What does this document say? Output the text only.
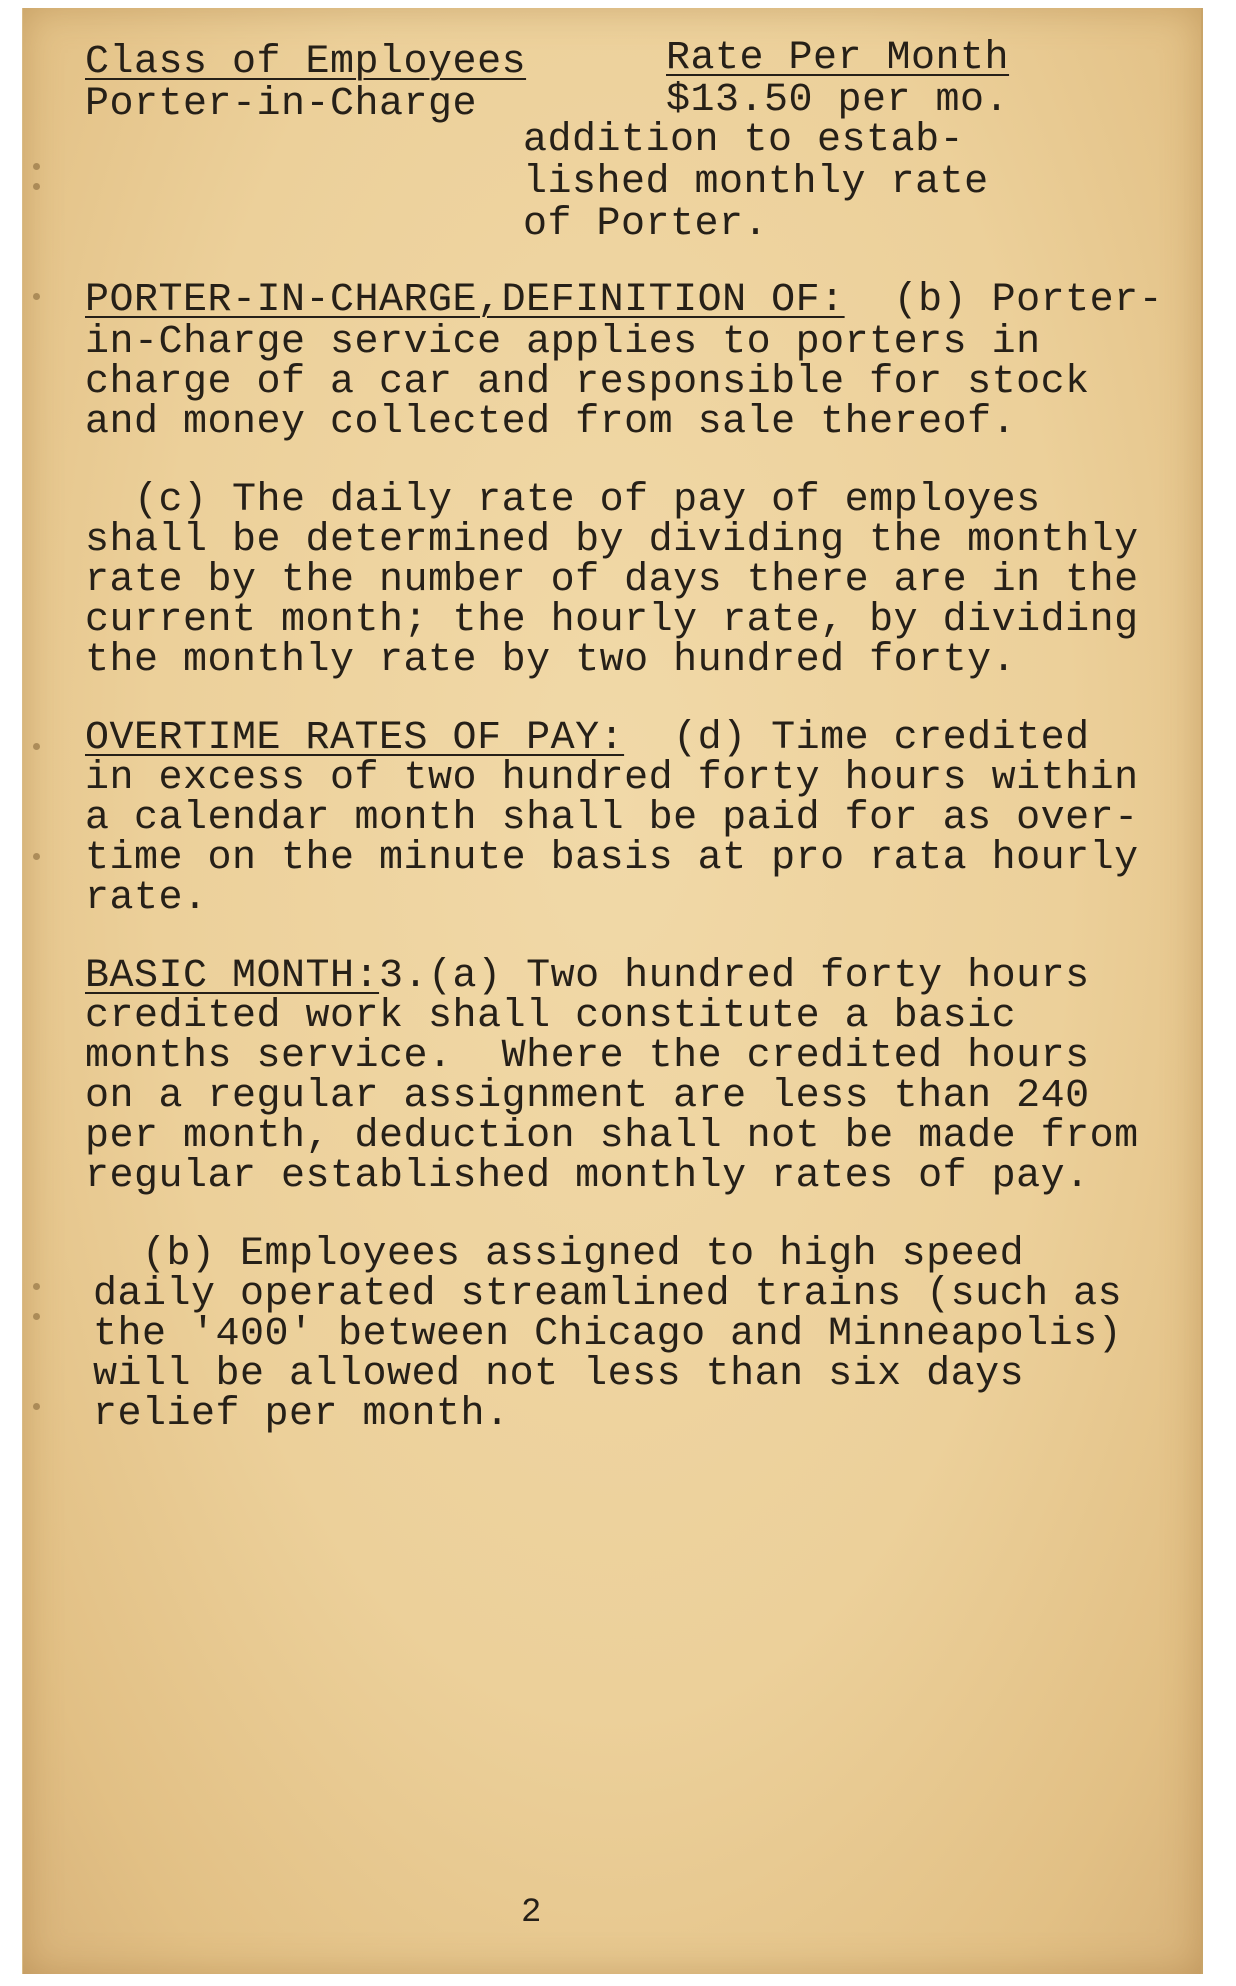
Class of Employees	Rate Per Month
Porter-in-Charge	$13.50 per mo.
addition to estab-
lished monthly rate
of Porter.
PORTER-IN-CHARGE,DEFINITION OF:  (b) Porter-
in-Charge service applies to porters in
charge of a car and responsible for stock
and money collected from sale thereof.
(c) The daily rate of pay of employes
shall be determined by dividing the monthly
rate by the number of days there are in the
current month; the hourly rate, by dividing
the monthly rate by two hundred forty.
OVERTIME RATES OF PAY:  (d) Time credited
in excess of two hundred forty hours within
a calendar month shall be paid for as over-
time on the minute basis at pro rata hourly
rate.
BASIC MONTH:3.(a) Two hundred forty hours
credited work shall constitute a basic
months service.  Where the credited hours
on a regular assignment are less than 240
per month, deduction shall not be made from
regular established monthly rates of pay.
(b) Employees assigned to high speed
daily operated streamlined trains (such as
the '400' between Chicago and Minneapolis)
will be allowed not less than six days
relief per month.
2
